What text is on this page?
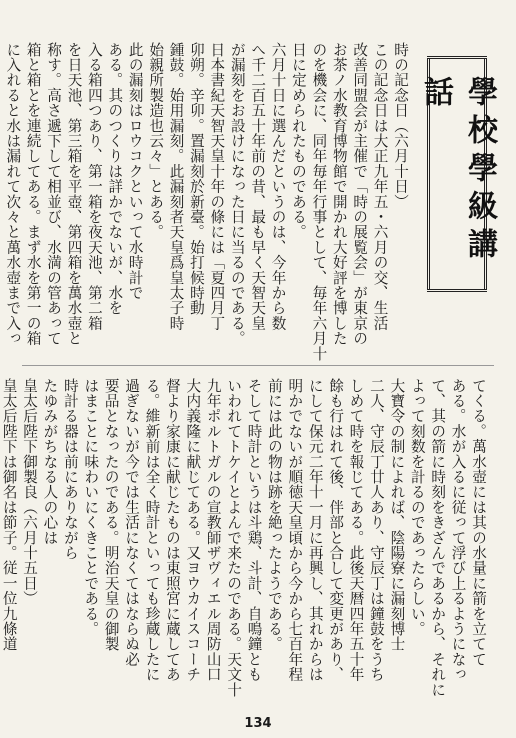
學校學級講話

時の記念日（六月十日）

この記念日は大正九年五・六月の交、生活

改善同盟会が主催で「時の展覧会」が東京の

お茶ノ水教育博物館で開かれ大好評を博した

のを機会に、同年毎年行事として、毎年六月十

日に定められたものである。

六月十日に選んだというのは、今年から数

へ千二百五十年前の昔、最も早く天智天皇

が漏刻をお設けになった日に当るのである。

日本書紀天智天皇十年の條には「夏四月丁

卯朔。辛卯。置漏刻於新臺。始打候時動

鍾鼓。始用漏刻。此漏刻者天皇爲皇太子時

始親所製造也云々」とある。

此の漏刻はロウコクといって水時計で

ある。其のつくりは詳かでないが、水を

入る箱四つあり、第一箱を夜天池、第二箱

を日天池、第三箱を平壺、第四箱を萬水壺と

称す。高さ遞下して相並び、水満の管あって

箱と箱とを連続してある。まず水を第一の箱

に入れると水は漏れて次々と萬水壺まで入っ

てくる。萬水壺には其の水量に箭を立てて

ある。水が入るに従って浮び上るようになっ

て、其の箭に時刻をきざんであるから、それに

よって刻数を計るのであったらしい。

大寶令の制によれば、陰陽寮に漏刻博士

二人、守辰丁廿人あり、守辰丁は鐘鼓をうち

しめて時を報じてある。此後天暦四年五十年

餘も行はれて後、伴部と合して変更があり、

にして保元二年十一月に再興し、其れからは

明かでないが順徳天皇頃から今から七百年程

前には此の物は跡を絶ったようである。

そして時計というは斗鶏、斗計、自鳴鐘とも

いわれてトケイとよんで来たのである。天文十

九年ポルトガルの宣教師ザヴィエル周防山口

大内義隆に献じてある。又ヨウカイスコーチ

督より家康に献じたものは東照宮に蔵してあ

る。維新前は全く時計といっても珍蔵したに

過ぎないが今では生活になくてはならぬ必

要品となったのである。明治天皇の御製

はまことに味わいにくきことである。

時計る器は前にありながら

たゆみがちなる人の心は

皇太后陛下御製良（六月十五日）

皇太后陛下は御名は節子。従一位九條道

134
